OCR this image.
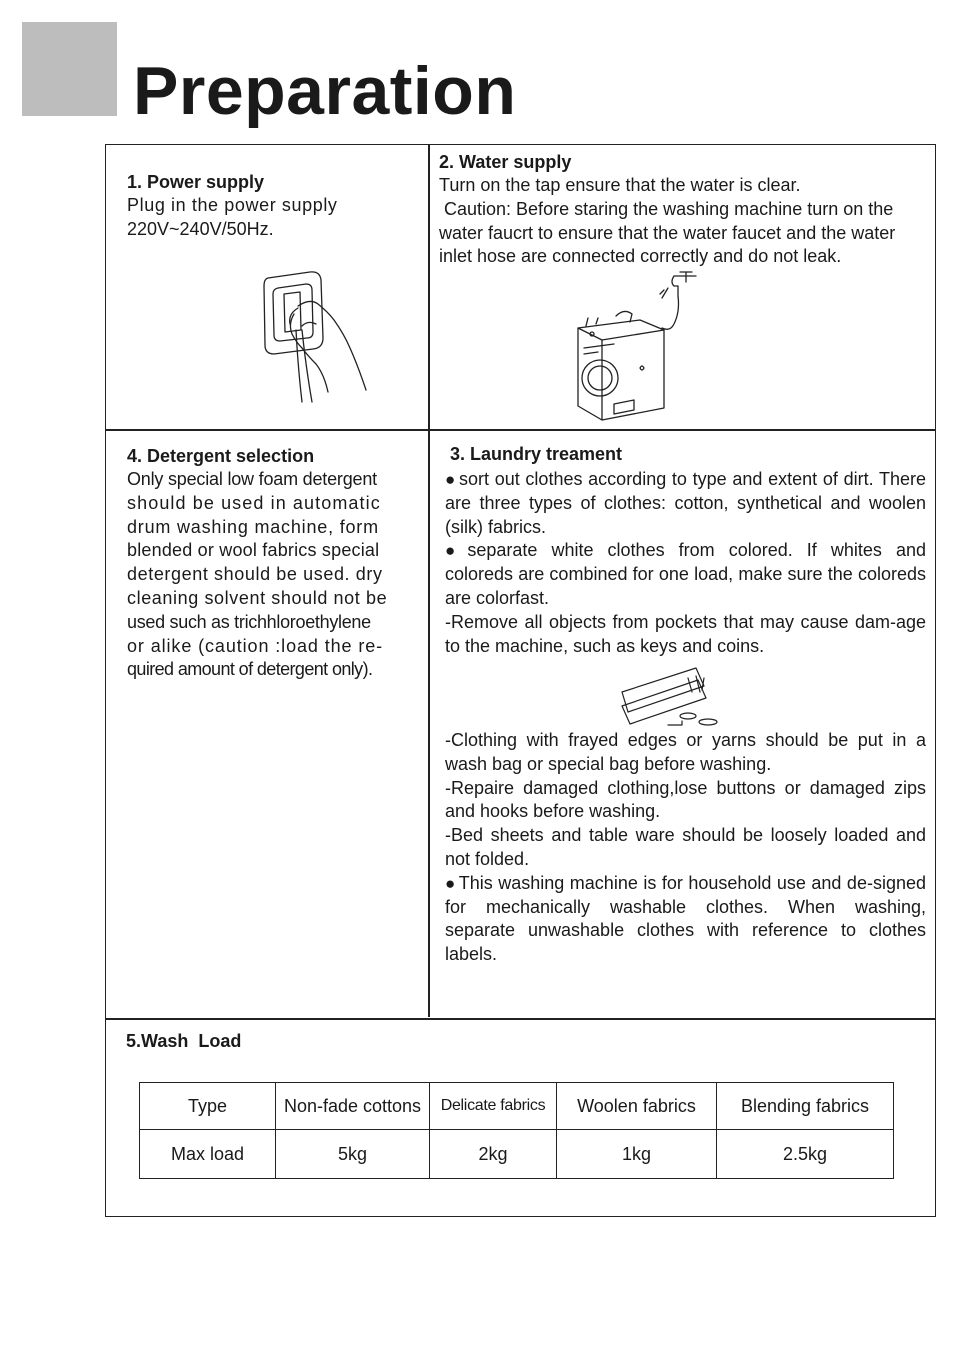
Preparation
1. Power supply

Plug in the power supply

220V~240V/50Hz.

2. Water supply

Turn on the tap ensure that the water is clear.

Caution: Before staring the washing machine turn on the

water faucrt to ensure that the water faucet and the water

inlet hose are connected correctly and do not leak.

4. Detergent selection

Only special low foam detergent

should be used in automatic

drum washing machine, form

blended or wool fabrics special

detergent should be used. dry

cleaning solvent should not be

used such as trichhloroethylene

or alike (caution :load the re-

quired amount of detergent only).

3. Laundry treament

● sort out clothes according to type and extent of dirt. There are three types of clothes: cotton, synthetical and woolen (silk) fabrics.

● separate white clothes from colored. If whites and coloreds are combined for one load, make sure the coloreds are colorfast.

-Remove all objects from pockets that may cause dam-age to the machine, such as keys and coins.

-Clothing with frayed edges or yarns should be put in a wash bag or special bag before washing.

-Repaire damaged clothing,lose buttons or damaged zips and hooks before washing.

-Bed sheets and table ware should be loosely loaded and not folded.

● This washing machine is for household use and de-signed for mechanically washable clothes. When washing, separate unwashable clothes with reference to clothes labels.

5.Wash  Load
Type	Non-fade cottons	Delicate fabrics	Woolen fabrics	Blending fabrics
Max load	5kg	2kg	1kg	2.5kg
